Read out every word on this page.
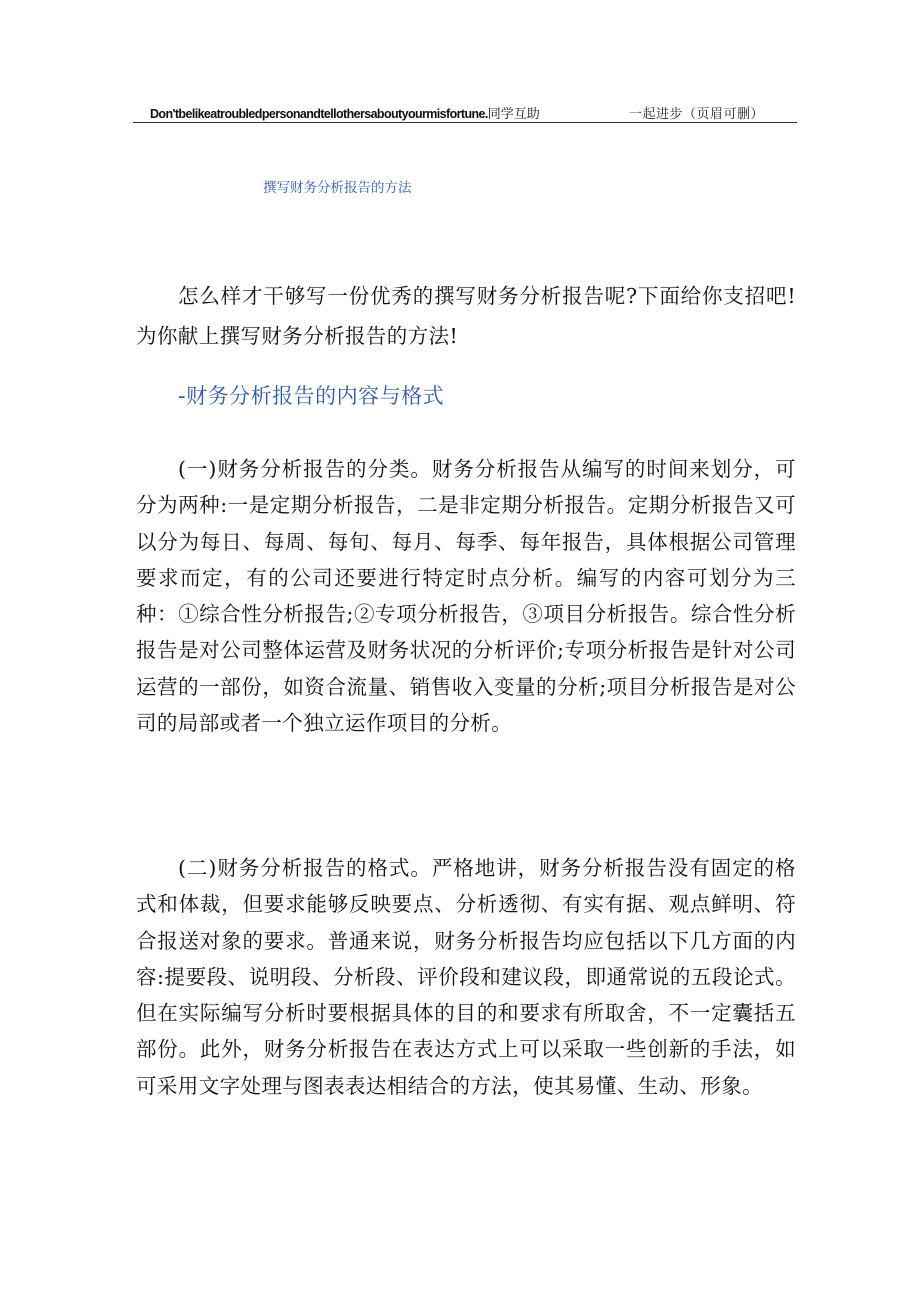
Don'tbelikeatroubledpersonandtellothersaboutyourmisfortune.同学互助	一起进步（页眉可删）
撰写财务分析报告的方法

怎么样才干够写一份优秀的撰写财务分析报告呢?下面给你支招吧!为你献上撰写财务分析报告的方法!

-财务分析报告的内容与格式

(一)财务分析报告的分类。财务分析报告从编写的时间来划分，可分为两种:一是定期分析报告，二是非定期分析报告。定期分析报告又可以分为每日、每周、每旬、每月、每季、每年报告，具体根据公司管理要求而定，有的公司还要进行特定时点分析。编写的内容可划分为三种：①综合性分析报告;②专项分析报告，③项目分析报告。综合性分析报告是对公司整体运营及财务状况的分析评价;专项分析报告是针对公司运营的一部份，如资合流量、销售收入变量的分析;项目分析报告是对公司的局部或者一个独立运作项目的分析。

(二)财务分析报告的格式。严格地讲，财务分析报告没有固定的格式和体裁，但要求能够反映要点、分析透彻、有实有据、观点鲜明、符合报送对象的要求。普通来说，财务分析报告均应包括以下几方面的内容:提要段、说明段、分析段、评价段和建议段，即通常说的五段论式。但在实际编写分析时要根据具体的目的和要求有所取舍，不一定囊括五部份。此外，财务分析报告在表达方式上可以采取一些创新的手法，如可采用文字处理与图表表达相结合的方法，使其易懂、生动、形象。
